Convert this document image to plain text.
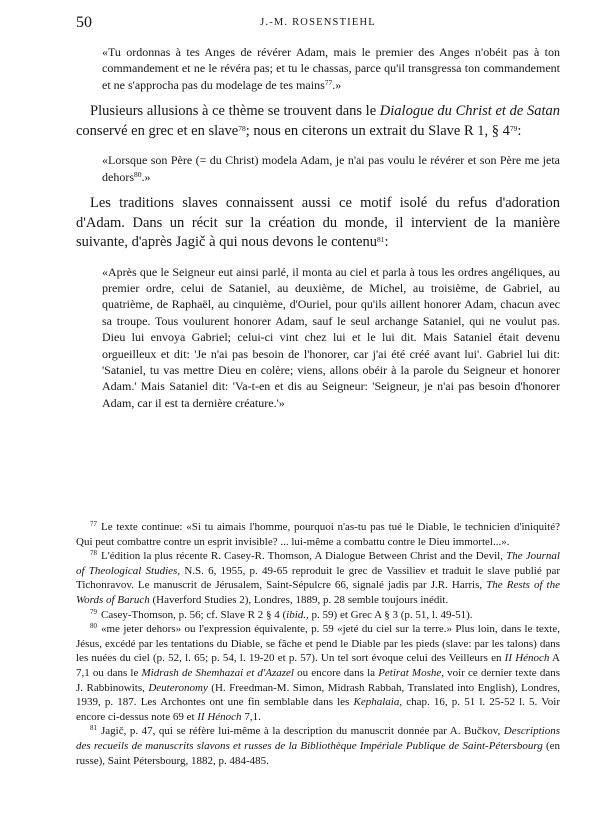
50	J.-M. ROSENSTIEHL

«Tu ordonnas à tes Anges de révérer Adam, mais le premier des Anges n'obéit pas à ton commandement et ne le révéra pas; et tu le chassas, parce qu'il transgressa ton commandement et ne s'approcha pas du modelage de tes mains$^{77}$.»

Plusieurs allusions à ce thème se trouvent dans le Dialogue du Christ et de Satan conservé en grec et en slave$^{78}$; nous en citerons un extrait du Slave R 1, § $4^{79}$:

«Lorsque son Père (= du Christ) modela Adam, je n'ai pas voulu le révérer et son Père me jeta dehors$^{80}$.»

Les traditions slaves connaissent aussi ce motif isolé du refus d'adoration d'Adam. Dans un récit sur la création du monde, il intervient de la manière suivante, d'après Jagič à qui nous devons le contenu$^{81}$:

«Après que le Seigneur eut ainsi parlé, il monta au ciel et parla à tous les ordres angéliques, au premier ordre, celui de Sataniel, au deuxième, de Michel, au troisième, de Gabriel, au quatrième, de Raphaël, au cinquième, d'Ouriel, pour qu'ils aillent honorer Adam, chacun avec sa troupe. Tous voulurent honorer Adam, sauf le seul archange Sataniel, qui ne voulut pas. Dieu lui envoya Gabriel; celui-ci vint chez lui et le lui dit. Mais Sataniel était devenu orgueilleux et dit: 'Je n'ai pas besoin de l'honorer, car j'ai été créé avant lui'. Gabriel lui dit: 'Sataniel, tu vas mettre Dieu en colère; viens, allons obéir à la parole du Seigneur et honorer Adam.' Mais Sataniel dit: 'Va-t-en et dis au Seigneur: 'Seigneur, je n'ai pas besoin d'honorer Adam, car il est ta dernière créature.'»

$^{77}$ Le texte continue: «Si tu aimais l'homme, pourquoi n'as-tu pas tué le Diable, le technicien d'iniquité? Qui peut combattre contre un esprit invisible? ... lui-même a combattu contre le Dieu immortel...».

$^{78}$ L'édition la plus récente R. Casey-R. Thomson, A Dialogue Between Christ and the Devil, The Journal of Theological Studies, N.S. 6, 1955, p. 49-65 reproduit le grec de Vassiliev et traduit le slave publié par Tichonravov. Le manuscrit de Jérusalem, Saint-Sépulcre 66, signalé jadis par J.R. Harris, The Rests of the Words of Baruch (Haverford Studies 2), Londres, 1889, p. 28 semble toujours inédit.

$^{79}$ Casey-Thomson, p. 56; cf. Slave R 2 § 4 (ibid., p. 59) et Grec A § 3 (p. 51, l. 49-51).

$^{80}$ «me jeter dehors» ou l'expression équivalente, p. 59 «jeté du ciel sur la terre.» Plus loin, dans le texte, Jésus, excédé par les tentations du Diable, se fâche et pend le Diable par les pieds (slave: par les talons) dans les nuées du ciel (p. 52, l. 65; p. 54, l. 19-20 et p. 57). Un tel sort évoque celui des Veilleurs en II Hénoch A 7,1 ou dans le Midrash de Shemhazai et d'Azazel ou encore dans la Petirat Moshe, voir ce dernier texte dans J. Rabbinowits, Deuteronomy (H. Freedman-M. Simon, Midrash Rabbah, Translated into English), Londres, 1939, p. 187. Les Archontes ont une fin semblable dans les Kephalaia, chap. 16, p. 51 l. 25-52 l. 5. Voir encore ci-dessus note 69 et II Hénoch 7,1.

$^{81}$ Jagič, p. 47, qui se réfère lui-même à la description du manuscrit donnée par A. Bučkov, Descriptions des recueils de manuscrits slavons et russes de la Bibliothèque Impériale Publique de Saint-Pétersbourg (en russe), Saint Pétersbourg, 1882, p. 484-485.
